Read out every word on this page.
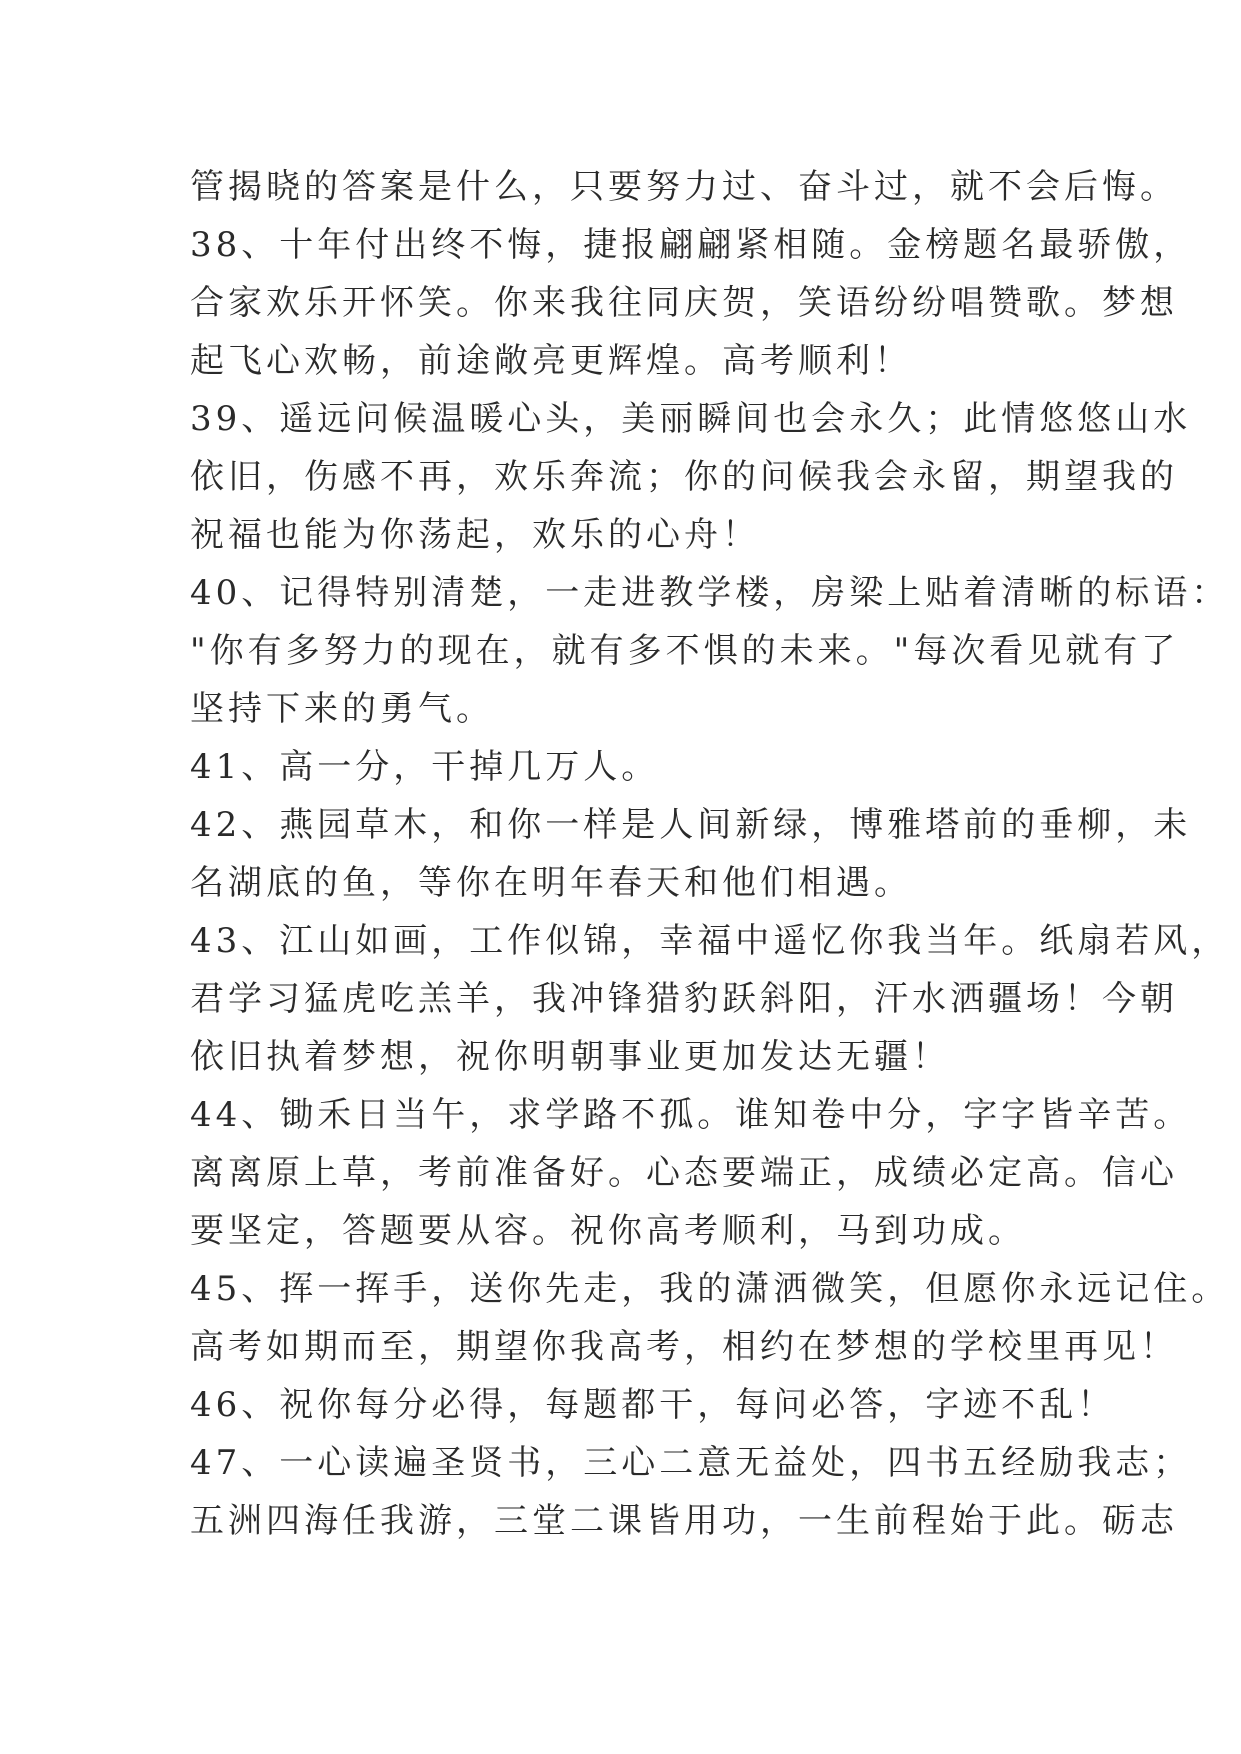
管揭晓的答案是什么，只要努力过、奋斗过，就不会后悔。
38、十年付出终不悔，捷报翩翩紧相随。金榜题名最骄傲，
合家欢乐开怀笑。你来我往同庆贺，笑语纷纷唱赞歌。梦想
起飞心欢畅，前途敞亮更辉煌。高考顺利！
39、遥远问候温暖心头，美丽瞬间也会永久；此情悠悠山水
依旧，伤感不再，欢乐奔流；你的问候我会永留，期望我的
祝福也能为你荡起，欢乐的心舟！
40、记得特别清楚，一走进教学楼，房梁上贴着清晰的标语：
"你有多努力的现在，就有多不惧的未来。"每次看见就有了
坚持下来的勇气。
41、高一分，干掉几万人。
42、燕园草木，和你一样是人间新绿，博雅塔前的垂柳，未
名湖底的鱼，等你在明年春天和他们相遇。
43、江山如画，工作似锦，幸福中遥忆你我当年。纸扇若风，
君学习猛虎吃羔羊，我冲锋猎豹跃斜阳，汗水洒疆场！今朝
依旧执着梦想，祝你明朝事业更加发达无疆！
44、锄禾日当午，求学路不孤。谁知卷中分，字字皆辛苦。
离离原上草，考前准备好。心态要端正，成绩必定高。信心
要坚定，答题要从容。祝你高考顺利，马到功成。
45、挥一挥手，送你先走，我的潇洒微笑，但愿你永远记住。
高考如期而至，期望你我高考，相约在梦想的学校里再见！
46、祝你每分必得，每题都干，每问必答，字迹不乱！
47、一心读遍圣贤书，三心二意无益处，四书五经励我志；
五洲四海任我游，三堂二课皆用功，一生前程始于此。砺志
